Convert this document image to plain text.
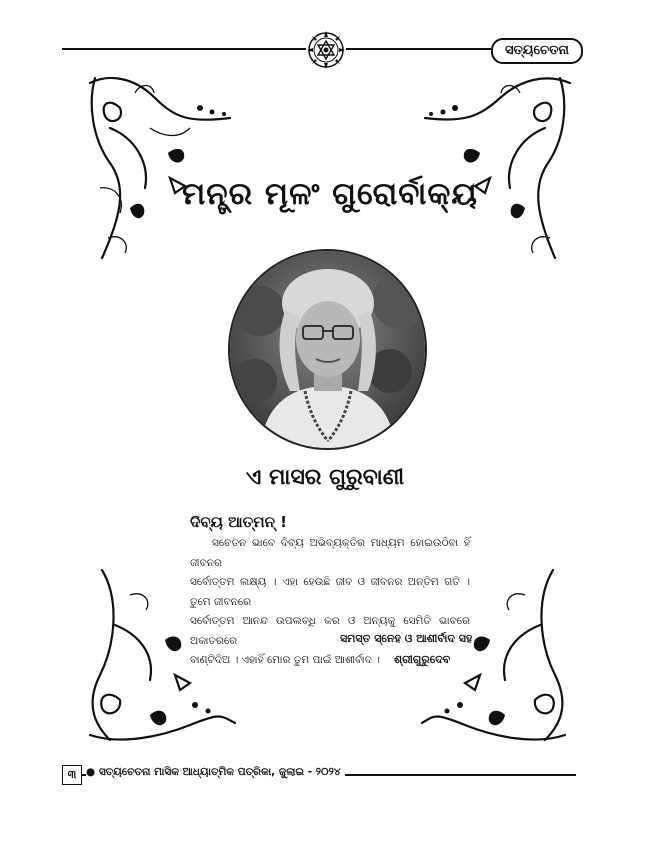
ସତ୍ୟଚେତନା
ମନ୍ତ୍ର ମୂଳଂ ଗୁରୋର୍ବାକ୍ୟ
ଏ ମାସର ଗୁରୁବାଣୀ
ଦିବ୍ୟ ଆତ୍ମନ୍ !
ସଚେତନ ଭାବେ ଦିବ୍ୟ ଅଭିବ୍ୟକ୍ତିର ମାଧ୍ୟମ ହୋଇଉଠିବା ହିଁ ଜୀବନର
ସର୍ବୋତ୍ତମ ଲକ୍ଷ୍ୟ । ଏହା ହେଉଛି ଜୀବ ଓ ଜୀବନର ଅନ୍ତିମ ଗତି । ତୁମେ ଜୀବନରେ
ସର୍ବୋତ୍ତମ ଆନନ୍ଦ ଉପଲବ୍ଧି କର ଓ ଅନ୍ୟକୁ ସେମିତି ଭାବରେ ଅକାତରରେ
ବାଣ୍ଟିଦିଅ । ଏହାହିଁ ମୋର ତୁମ ପାଇଁ ଆଶୀର୍ବାଦ ।
ସମସ୍ତ ସ୍ନେହ ଓ ଆଶୀର୍ବାଦ ସହ
ଶ୍ରୀଗୁରୁଦେବ
୩ ● ସତ୍ୟଚେତନା ମାସିକ ଆଧ୍ୟାତ୍ମିକ ପତ୍ରିକା, ଜୁଲାଇ - ୨୦୨୪
